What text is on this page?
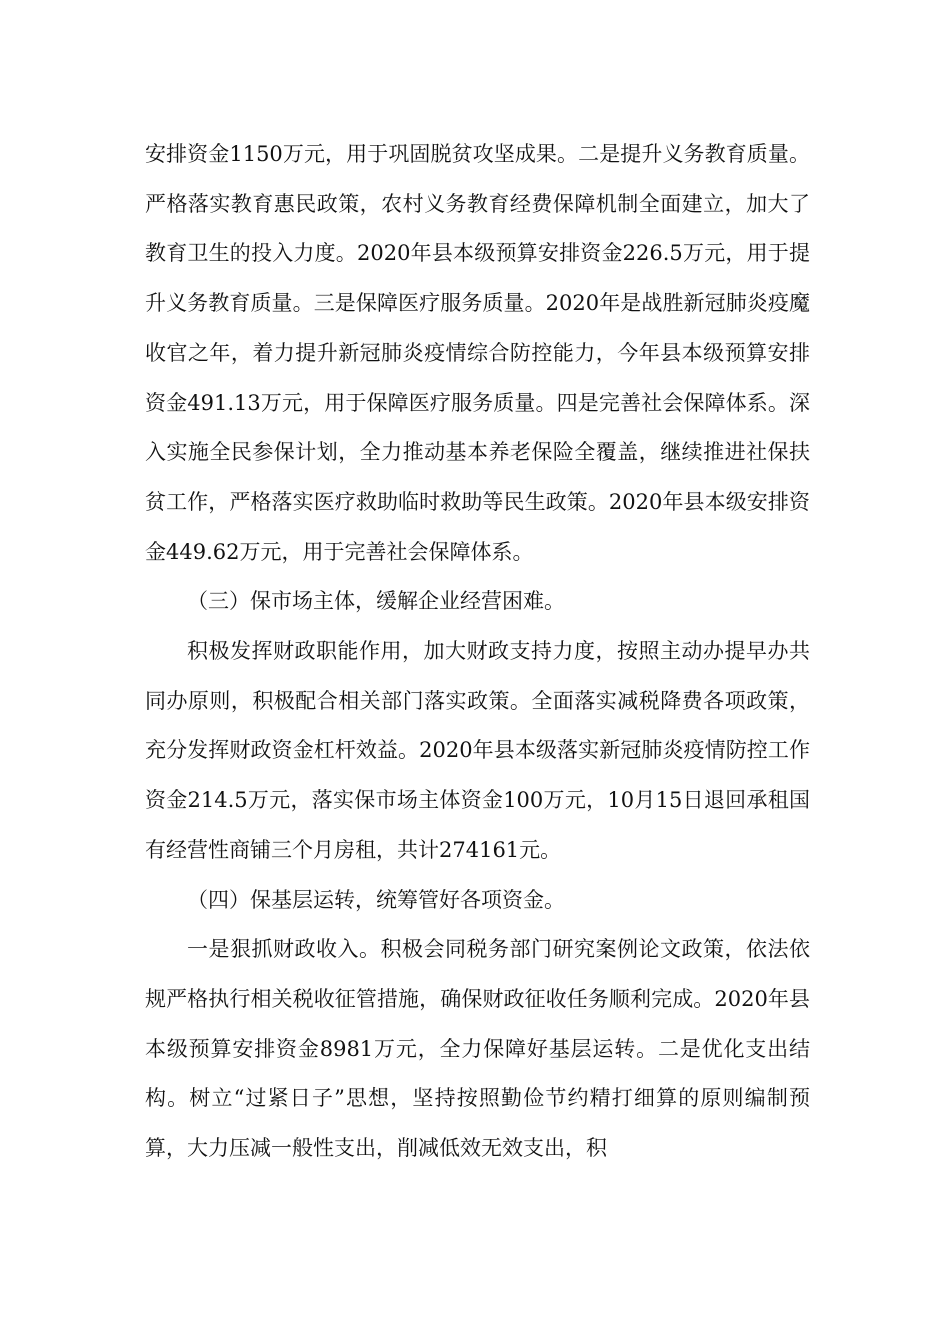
安排资金1150万元，用于巩固脱贫攻坚成果。二是提升义务教育质量。严格落实教育惠民政策，农村义务教育经费保障机制全面建立，加大了教育卫生的投入力度。2020年县本级预算安排资金226.5万元，用于提升义务教育质量。三是保障医疗服务质量。2020年是战胜新冠肺炎疫魔收官之年，着力提升新冠肺炎疫情综合防控能力，今年县本级预算安排资金491.13万元，用于保障医疗服务质量。四是完善社会保障体系。深入实施全民参保计划，全力推动基本养老保险全覆盖，继续推进社保扶贫工作，严格落实医疗救助临时救助等民生政策。2020年县本级安排资金449.62万元，用于完善社会保障体系。

（三）保市场主体，缓解企业经营困难。

积极发挥财政职能作用，加大财政支持力度，按照主动办提早办共同办原则，积极配合相关部门落实政策。全面落实减税降费各项政策，充分发挥财政资金杠杆效益。2020年县本级落实新冠肺炎疫情防控工作资金214.5万元，落实保市场主体资金100万元，10月15日退回承租国有经营性商铺三个月房租，共计274161元。

（四）保基层运转，统筹管好各项资金。

一是狠抓财政收入。积极会同税务部门研究案例论文政策，依法依规严格执行相关税收征管措施，确保财政征收任务顺利完成。2020年县本级预算安排资金8981万元，全力保障好基层运转。二是优化支出结构。树立“过紧日子”思想，坚持按照勤俭节约精打细算的原则编制预算，大力压减一般性支出，削减低效无效支出，积
